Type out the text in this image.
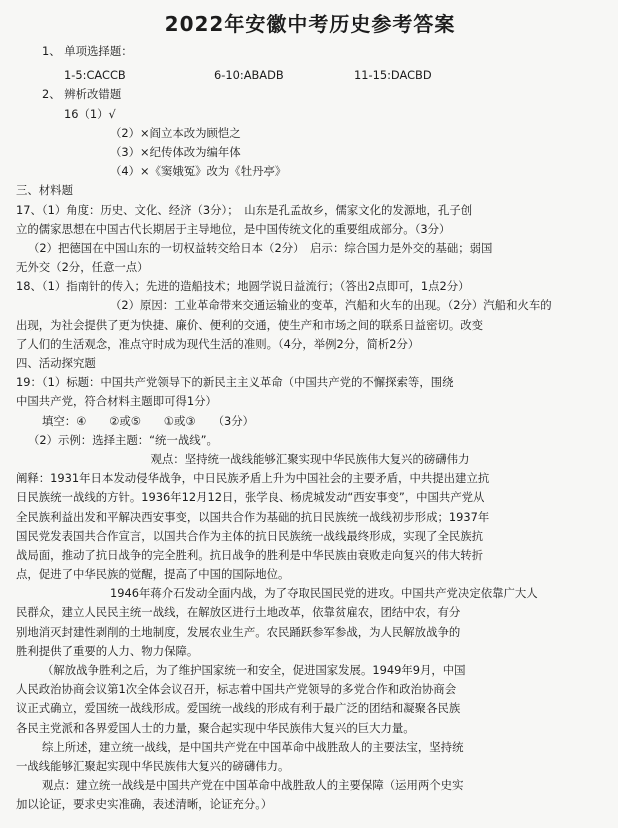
2022年安徽中考历史参考答案
1、 单项选择题：
1-5:CACCB	6-10:ABADB	11-15:DACBD
2、 辨析改错题
16（1）√
（2）×阎立本改为顾恺之
（3）×纪传体改为编年体
（4）×《窦娥冤》改为《牡丹亭》
三、材料题
17、（1）角度：历史、文化、经济（3分）；　山东是孔孟故乡，儒家文化的发源地，孔子创
立的儒家思想在中国古代长期居于主导地位，是中国传统文化的重要组成部分。（3分）
（2）把德国在中国山东的一切权益转交给日本（2分）　启示：综合国力是外交的基础；弱国
无外交（2分，任意一点）
18、（1）指南针的传入；先进的造船技术；地圆学说日益流行；（答出2点即可，1点2分）
（2）原因：工业革命带来交通运输业的变革，汽船和火车的出现。（2分）汽船和火车的
出现，为社会提供了更为快捷、廉价、便利的交通，使生产和市场之间的联系日益密切。改变
了人们的生活观念，准点守时成为现代生活的准则。（4分，举例2分，简析2分）
四、活动探究题
19：（1）标题：中国共产党领导下的新民主主义革命（中国共产党的不懈探索等，围绕
中国共产党，符合材料主题即可得1分）
填空：④　　②或⑤　　①或③　　（3分）
（2）示例：选择主题：“统一战线”。
观点：坚持统一战线能够汇聚实现中华民族伟大复兴的磅礴伟力
阐释：1931年日本发动侵华战争，中日民族矛盾上升为中国社会的主要矛盾，中共提出建立抗
日民族统一战线的方针。1936年12月12日，张学良、杨虎城发动“西安事变”，中国共产党从
全民族利益出发和平解决西安事变，以国共合作为基础的抗日民族统一战线初步形成；1937年
国民党发表国共合作宣言，以国共合作为主体的抗日民族统一战线最终形成，实现了全民族抗
战局面，推动了抗日战争的完全胜利。抗日战争的胜利是中华民族由衰败走向复兴的伟大转折
点，促进了中华民族的觉醒，提高了中国的国际地位。
1946年蒋介石发动全面内战，为了夺取民国民党的进攻。中国共产党决定依靠广大人
民群众，建立人民民主统一战线，在解放区进行土地改革，依靠贫雇农，团结中农，有分
别地消灭封建性剥削的土地制度，发展农业生产。农民踊跃参军参战，为人民解放战争的
胜利提供了重要的人力、物力保障。
（解放战争胜利之后，为了维护国家统一和安全，促进国家发展。1949年9月，中国
人民政治协商会议第1次全体会议召开，标志着中国共产党领导的多党合作和政治协商会
议正式确立，爱国统一战线形成。爱国统一战线的形成有利于最广泛的团结和凝聚各民族
各民主党派和各界爱国人士的力量，聚合起实现中华民族伟大复兴的巨大力量。
综上所述，建立统一战线，是中国共产党在中国革命中战胜敌人的主要法宝，坚持统
一战线能够汇聚起实现中华民族伟大复兴的磅礴伟力。
观点：建立统一战线是中国共产党在中国革命中战胜敌人的主要保障（运用两个史实
加以论证，要求史实准确，表述清晰，论证充分。）
